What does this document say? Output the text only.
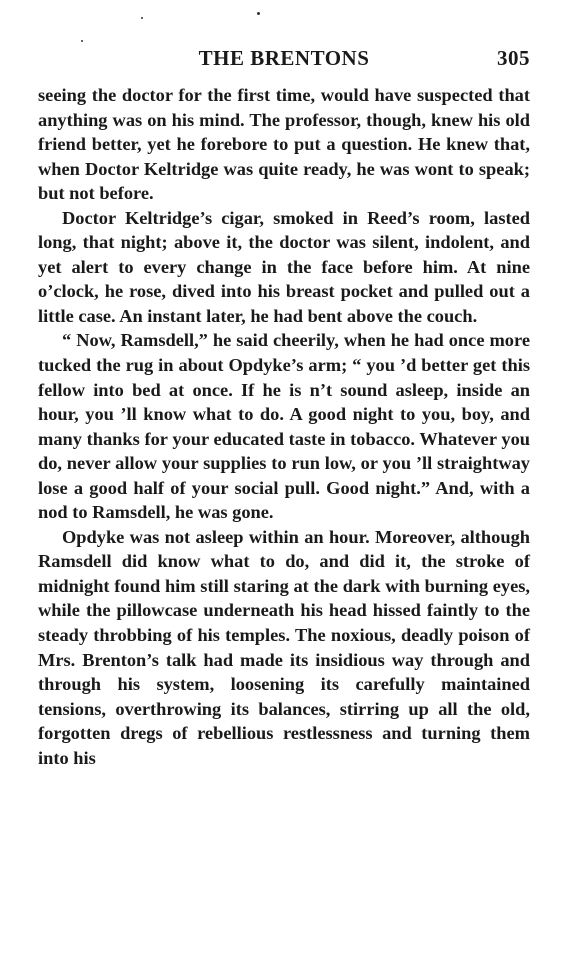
THE BRENTONS	305

seeing the doctor for the first time, would have suspected that anything was on his mind. The professor, though, knew his old friend better, yet he forebore to put a question. He knew that, when Doctor Keltridge was quite ready, he was wont to speak; but not before.

Doctor Keltridge’s cigar, smoked in Reed’s room, lasted long, that night; above it, the doctor was silent, indolent, and yet alert to every change in the face before him. At nine o’clock, he rose, dived into his breast pocket and pulled out a little case. An instant later, he had bent above the couch.

“ Now, Ramsdell,” he said cheerily, when he had once more tucked the rug in about Opdyke’s arm; “ you ’d better get this fellow into bed at once. If he is n’t sound asleep, inside an hour, you ’ll know what to do. A good night to you, boy, and many thanks for your educated taste in tobacco. Whatever you do, never allow your supplies to run low, or you ’ll straightway lose a good half of your social pull. Good night.” And, with a nod to Ramsdell, he was gone.

Opdyke was not asleep within an hour. Moreover, although Ramsdell did know what to do, and did it, the stroke of midnight found him still staring at the dark with burning eyes, while the pillowcase underneath his head hissed faintly to the steady throbbing of his temples. The noxious, deadly poison of Mrs. Brenton’s talk had made its insidious way through and through his system, loosening its carefully maintained tensions, overthrowing its balances, stirring up all the old, forgotten dregs of rebellious restlessness and turning them into his
